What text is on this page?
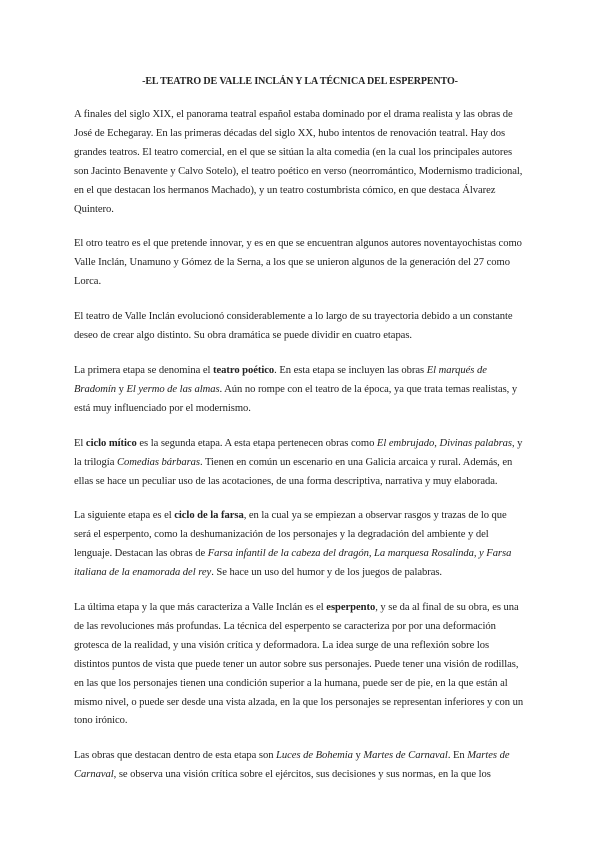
-EL TEATRO DE VALLE INCLÁN Y LA TÉCNICA DEL ESPERPENTO-

A finales del siglo XIX, el panorama teatral español estaba dominado por el drama realista y las obras de José de Echegaray. En las primeras décadas del siglo XX, hubo intentos de renovación teatral. Hay dos grandes teatros. El teatro comercial, en el que se sitúan la alta comedia (en la cual los principales autores son Jacinto Benavente y Calvo Sotelo), el teatro poético en verso (neorromántico, Modernismo tradicional, en el que destacan los hermanos Machado), y un teatro costumbrista cómico, en que destaca Álvarez Quintero.

El otro teatro es el que pretende innovar, y es en que se encuentran algunos autores noventayochistas como Valle Inclán, Unamuno y Gómez de la Serna, a los que se unieron algunos de la generación del 27 como Lorca.

El teatro de Valle Inclán evolucionó considerablemente a lo largo de su trayectoria debido a un constante deseo de crear algo distinto. Su obra dramática se puede dividir en cuatro etapas.

La primera etapa se denomina el teatro poético. En esta etapa se incluyen las obras El marqués de Bradomín y El yermo de las almas. Aún no rompe con el teatro de la época, ya que trata temas realistas, y está muy influenciado por el modernismo.

El ciclo mítico es la segunda etapa. A esta etapa pertenecen obras como El embrujado, Divinas palabras, y la trilogía Comedias bárbaras. Tienen en común un escenario en una Galicia arcaica y rural. Además, en ellas se hace un peculiar uso de las acotaciones, de una forma descriptiva, narrativa y muy elaborada.

La siguiente etapa es el ciclo de la farsa, en la cual ya se empiezan a observar rasgos y trazas de lo que será el esperpento, como la deshumanización de los personajes y la degradación del ambiente y del lenguaje. Destacan las obras de Farsa infantil de la cabeza del dragón, La marquesa Rosalinda, y Farsa italiana de la enamorada del rey. Se hace un uso del humor y de los juegos de palabras.

La última etapa y la que más caracteriza a Valle Inclán es el esperpento, y se da al final de su obra, es una de las revoluciones más profundas. La técnica del esperpento se caracteriza por por una deformación grotesca de la realidad, y una visión crítica y deformadora. La idea surge de una reflexión sobre los distintos puntos de vista que puede tener un autor sobre sus personajes. Puede tener una visión de rodillas, en las que los personajes tienen una condición superior a la humana, puede ser de pie, en la que están al mismo nivel, o puede ser desde una vista alzada, en la que los personajes se representan inferiores y con un tono irónico.

Las obras que destacan dentro de esta etapa son Luces de Bohemia y Martes de Carnaval. En Martes de Carnaval, se observa una visión crítica sobre el ejércitos, sus decisiones y sus normas, en la que los
